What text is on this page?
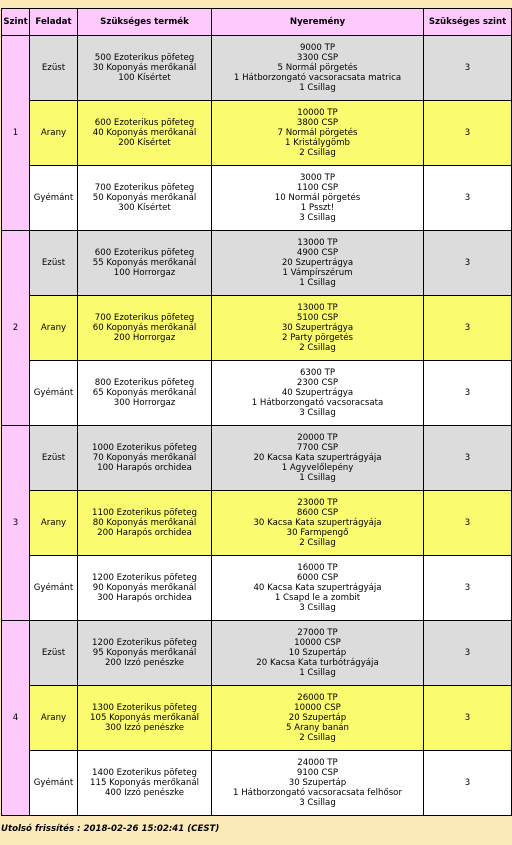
Szint	Feladat	Szükséges termék	Nyeremény	Szükséges szint
1	Ezüst	500 Ezoterikus pöfeteg
30 Koponyás merőkanál
100 Kísértet	9000 TP
3300 CSP
5 Normál pörgetés
1 Hátborzongató vacsoracsata matrica
1 Csillag	3
	Arany	600 Ezoterikus pöfeteg
40 Koponyás merőkanál
200 Kísértet	10000 TP
3800 CSP
7 Normál pörgetés
1 Kristálygömb
2 Csillag	3
	Gyémánt	700 Ezoterikus pöfeteg
50 Koponyás merőkanál
300 Kísértet	3000 TP
1100 CSP
10 Normál pörgetés
1 Psszt!
3 Csillag	3
2	Ezüst	600 Ezoterikus pöfeteg
55 Koponyás merőkanál
100 Horrorgaz	13000 TP
4900 CSP
20 Szupertrágya
1 Vámpírszérum
1 Csillag	3
	Arany	700 Ezoterikus pöfeteg
60 Koponyás merőkanál
200 Horrorgaz	13000 TP
5100 CSP
30 Szupertrágya
2 Party pörgetés
2 Csillag	3
	Gyémánt	800 Ezoterikus pöfeteg
65 Koponyás merőkanál
300 Horrorgaz	6300 TP
2300 CSP
40 Szupertrágya
1 Hátborzongató vacsoracsata
3 Csillag	3
3	Ezüst	1000 Ezoterikus pöfeteg
70 Koponyás merőkanál
100 Harapós orchidea	20000 TP
7700 CSP
20 Kacsa Kata szupertrágyája
1 Agyvelőlepény
1 Csillag	3
	Arany	1100 Ezoterikus pöfeteg
80 Koponyás merőkanál
200 Harapós orchidea	23000 TP
8600 CSP
30 Kacsa Kata szupertrágyája
30 Farmpengő
2 Csillag	3
	Gyémánt	1200 Ezoterikus pöfeteg
90 Koponyás merőkanál
300 Harapós orchidea	16000 TP
6000 CSP
40 Kacsa Kata szupertrágyája
1 Csapd le a zombit
3 Csillag	3
4	Ezüst	1200 Ezoterikus pöfeteg
95 Koponyás merőkanál
200 Izzó penészke	27000 TP
10000 CSP
10 Szupertáp
20 Kacsa Kata turbótrágyája
1 Csillag	3
	Arany	1300 Ezoterikus pöfeteg
105 Koponyás merőkanál
300 Izzó penészke	26000 TP
10000 CSP
20 Szupertáp
5 Arany banán
2 Csillag	3
	Gyémánt	1400 Ezoterikus pöfeteg
115 Koponyás merőkanál
400 Izzó penészke	24000 TP
9100 CSP
30 Szupertáp
1 Hátborzongató vacsoracsata felhősor
3 Csillag	3
Utolsó frissítés : 2018-02-26 15:02:41 (CEST)
